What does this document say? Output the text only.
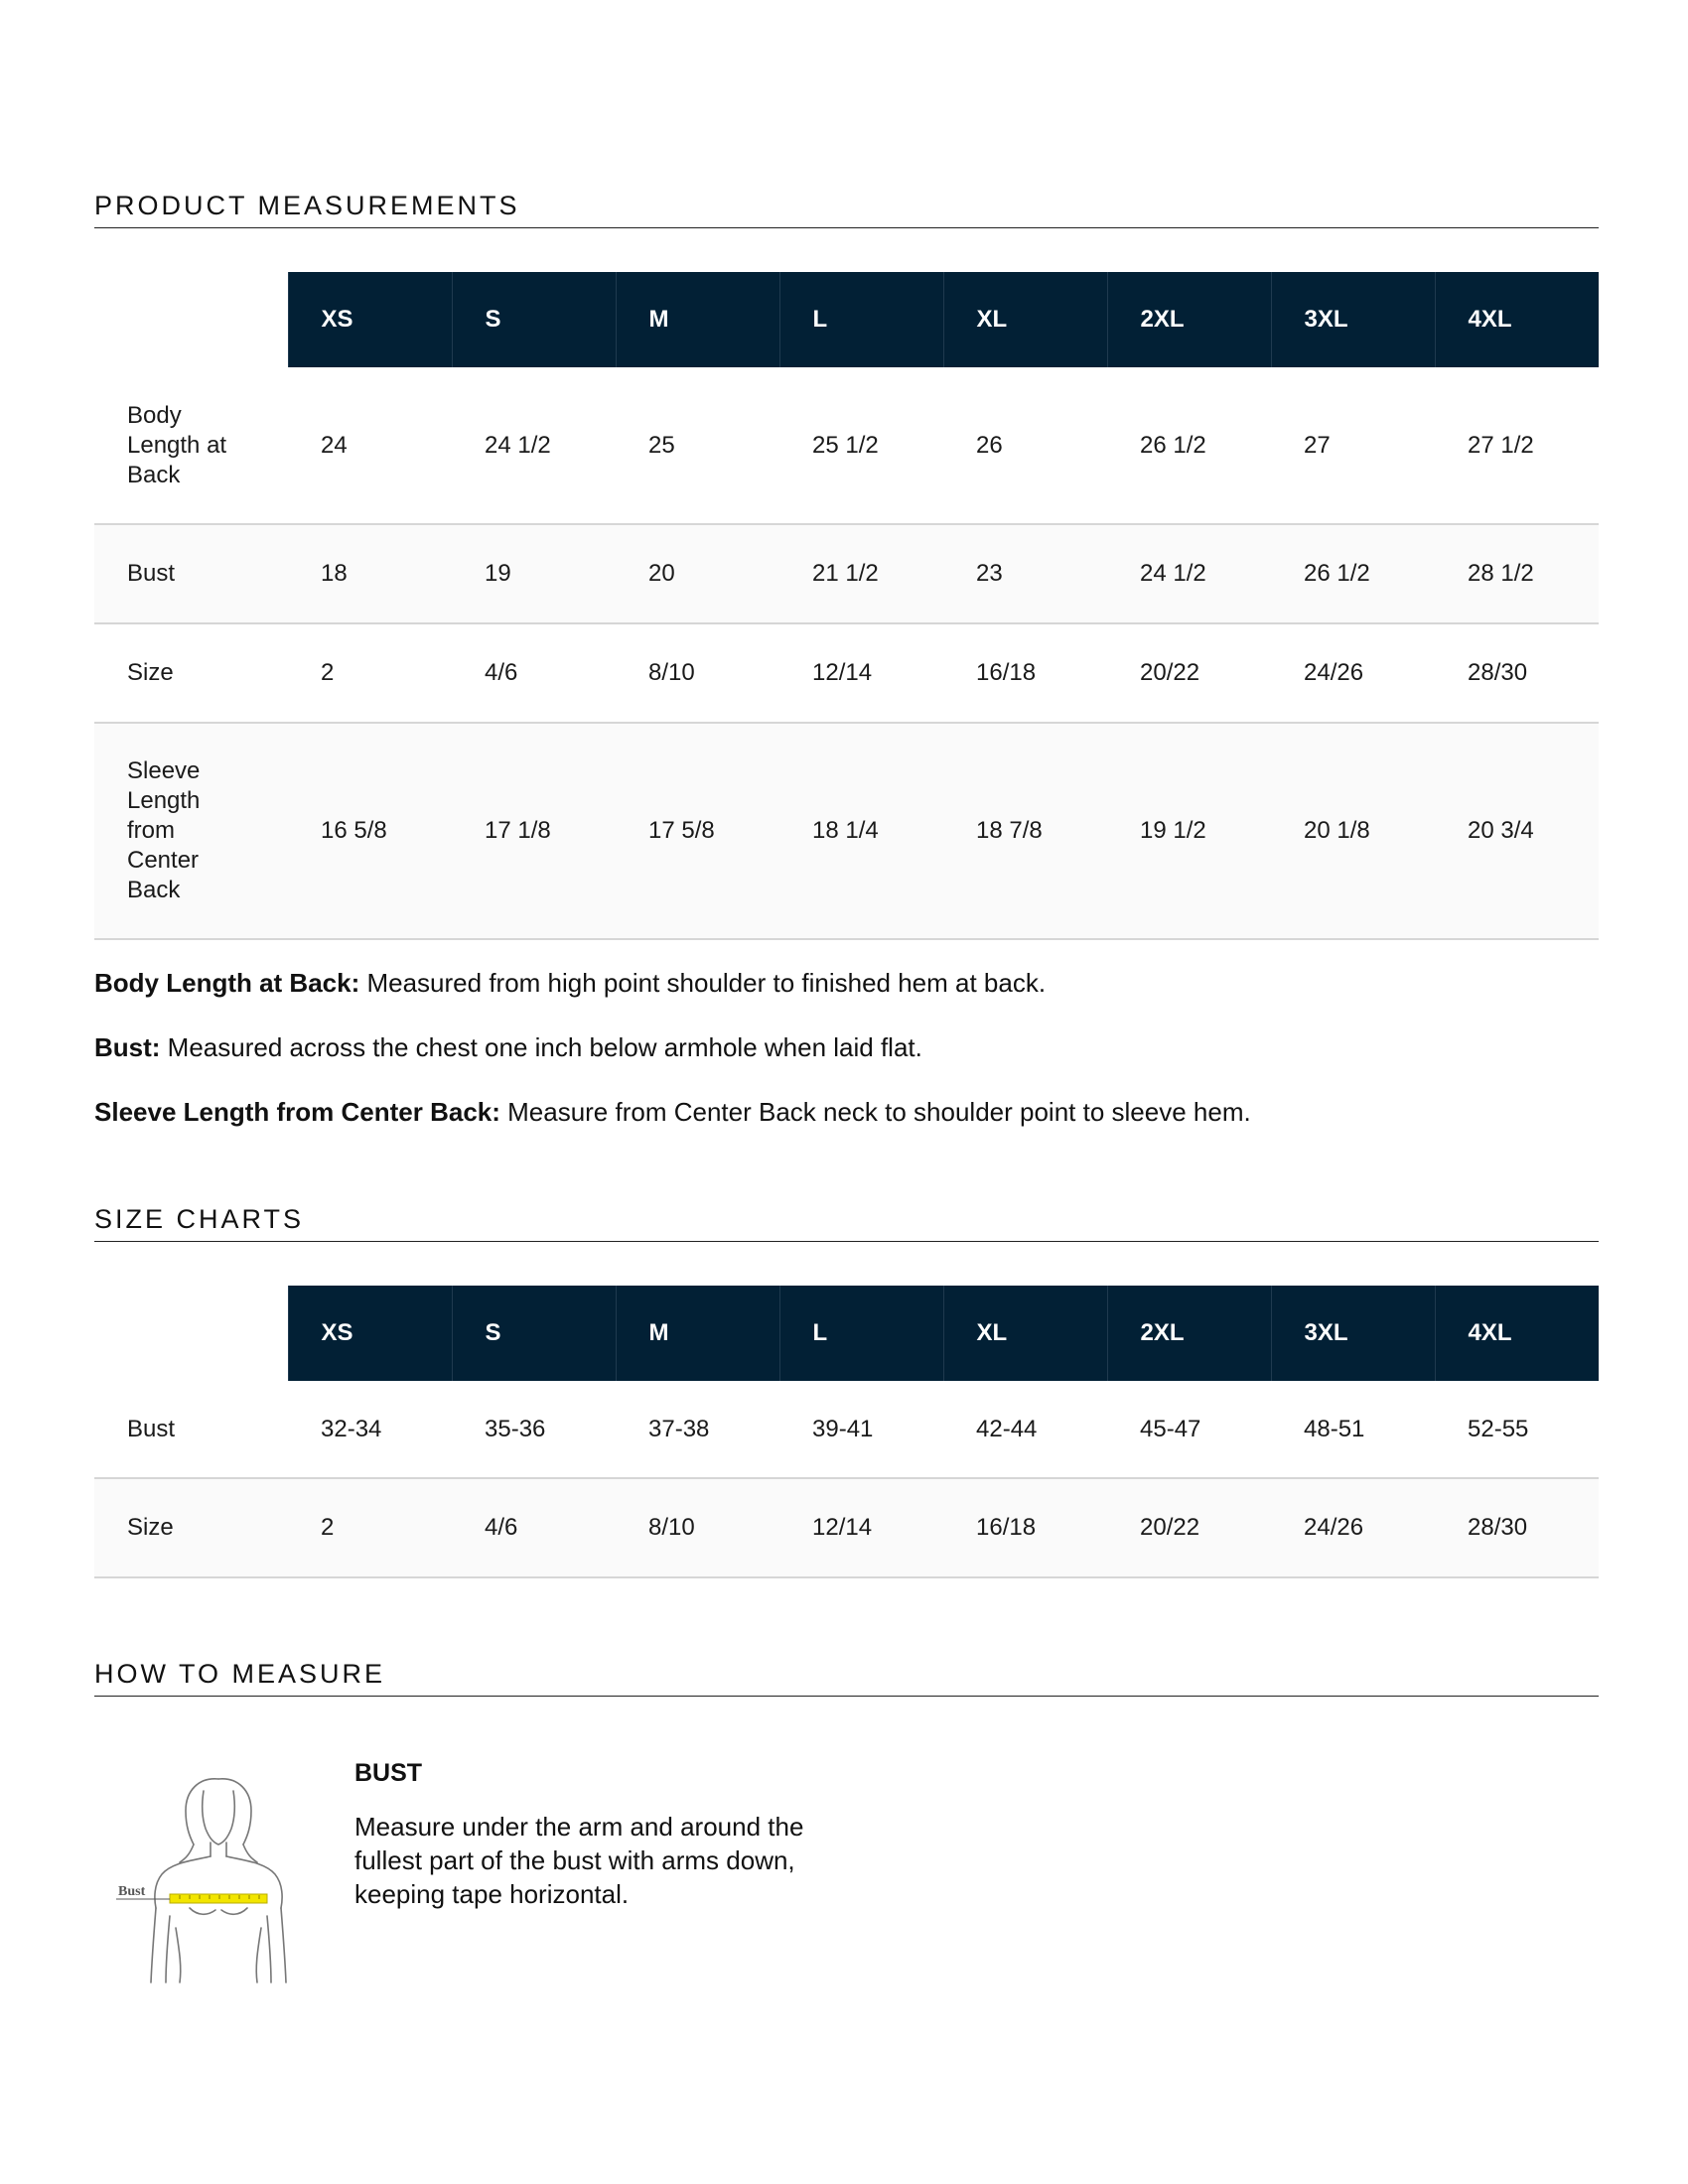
PRODUCT MEASUREMENTS
	XS	S	M	L	XL	2XL	3XL	4XL
Body Length at Back	24	24 1/2	25	25 1/2	26	26 1/2	27	27 1/2
Bust	18	19	20	21 1/2	23	24 1/2	26 1/2	28 1/2
Size	2	4/6	8/10	12/14	16/18	20/22	24/26	28/30
Sleeve Length from Center Back	16 5/8	17 1/8	17 5/8	18 1/4	18 7/8	19 1/2	20 1/8	20 3/4

Body Length at Back: Measured from high point shoulder to finished hem at back.

Bust: Measured across the chest one inch below armhole when laid flat.

Sleeve Length from Center Back: Measure from Center Back neck to shoulder point to sleeve hem.

SIZE CHARTS
	XS	S	M	L	XL	2XL	3XL	4XL
Bust	32-34	35-36	37-38	39-41	42-44	45-47	48-51	52-55
Size	2	4/6	8/10	12/14	16/18	20/22	24/26	28/30
HOW TO MEASURE
Bust

BUST

Measure under the arm and around the fullest part of the bust with arms down, keeping tape horizontal.
